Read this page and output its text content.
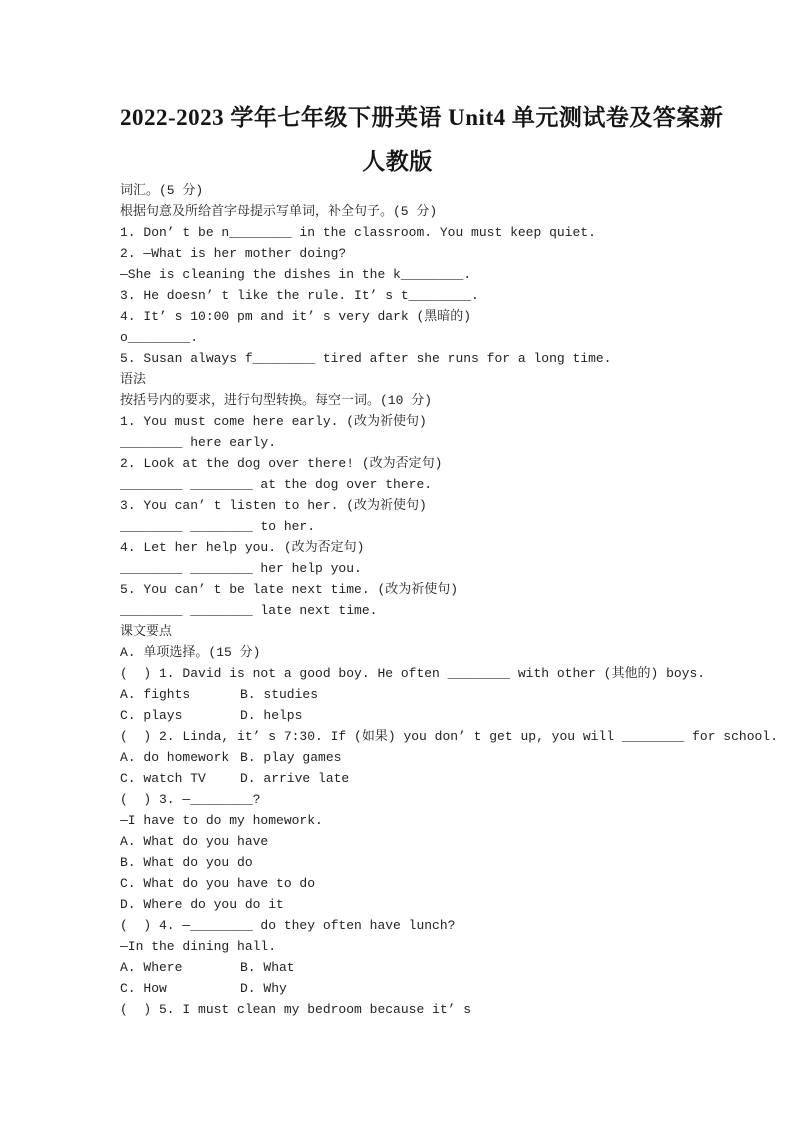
2022-2023 学年七年级下册英语 Unit4 单元测试卷及答案新
人教版
词汇。(5 分)
根据句意及所给首字母提示写单词，补全句子。(5 分)
1. Don’ t be n________ in the classroom. You must keep quiet.
2. —What is her mother doing?
—She is cleaning the dishes in the k________.
3. He doesn’ t like the rule. It’ s t________.
4. It’ s 10:00 pm and it’ s very dark (黑暗的)
o________.
5. Susan always f________ tired after she runs for a long time.
语法
按括号内的要求，进行句型转换。每空一词。(10 分)
1. You must come here early. (改为祈使句)
________ here early.
2. Look at the dog over there! (改为否定句)
________ ________ at the dog over there.
3. You can’ t listen to her. (改为祈使句)
________ ________ to her.
4. Let her help you. (改为否定句)
________ ________ her help you.
5. You can’ t be late next time. (改为祈使句)
________ ________ late next time.
课文要点
A. 单项选择。(15 分)
(  ) 1. David is not a good boy. He often ________ with other (其他的) boys.
A. fights	B. studies
C. plays	D. helps
(  ) 2. Linda, it’ s 7:30. If (如果) you don’ t get up, you will ________ for school.
A. do homework B. play games
C. watch TV	D. arrive late
(  ) 3. —________?
—I have to do my homework.
A. What do you have
B. What do you do
C. What do you have to do
D. Where do you do it
(  ) 4. —________ do they often have lunch?
—In the dining hall.
A. Where	B. What
C. How	D. Why
(  ) 5. I must clean my bedroom because it’ s
